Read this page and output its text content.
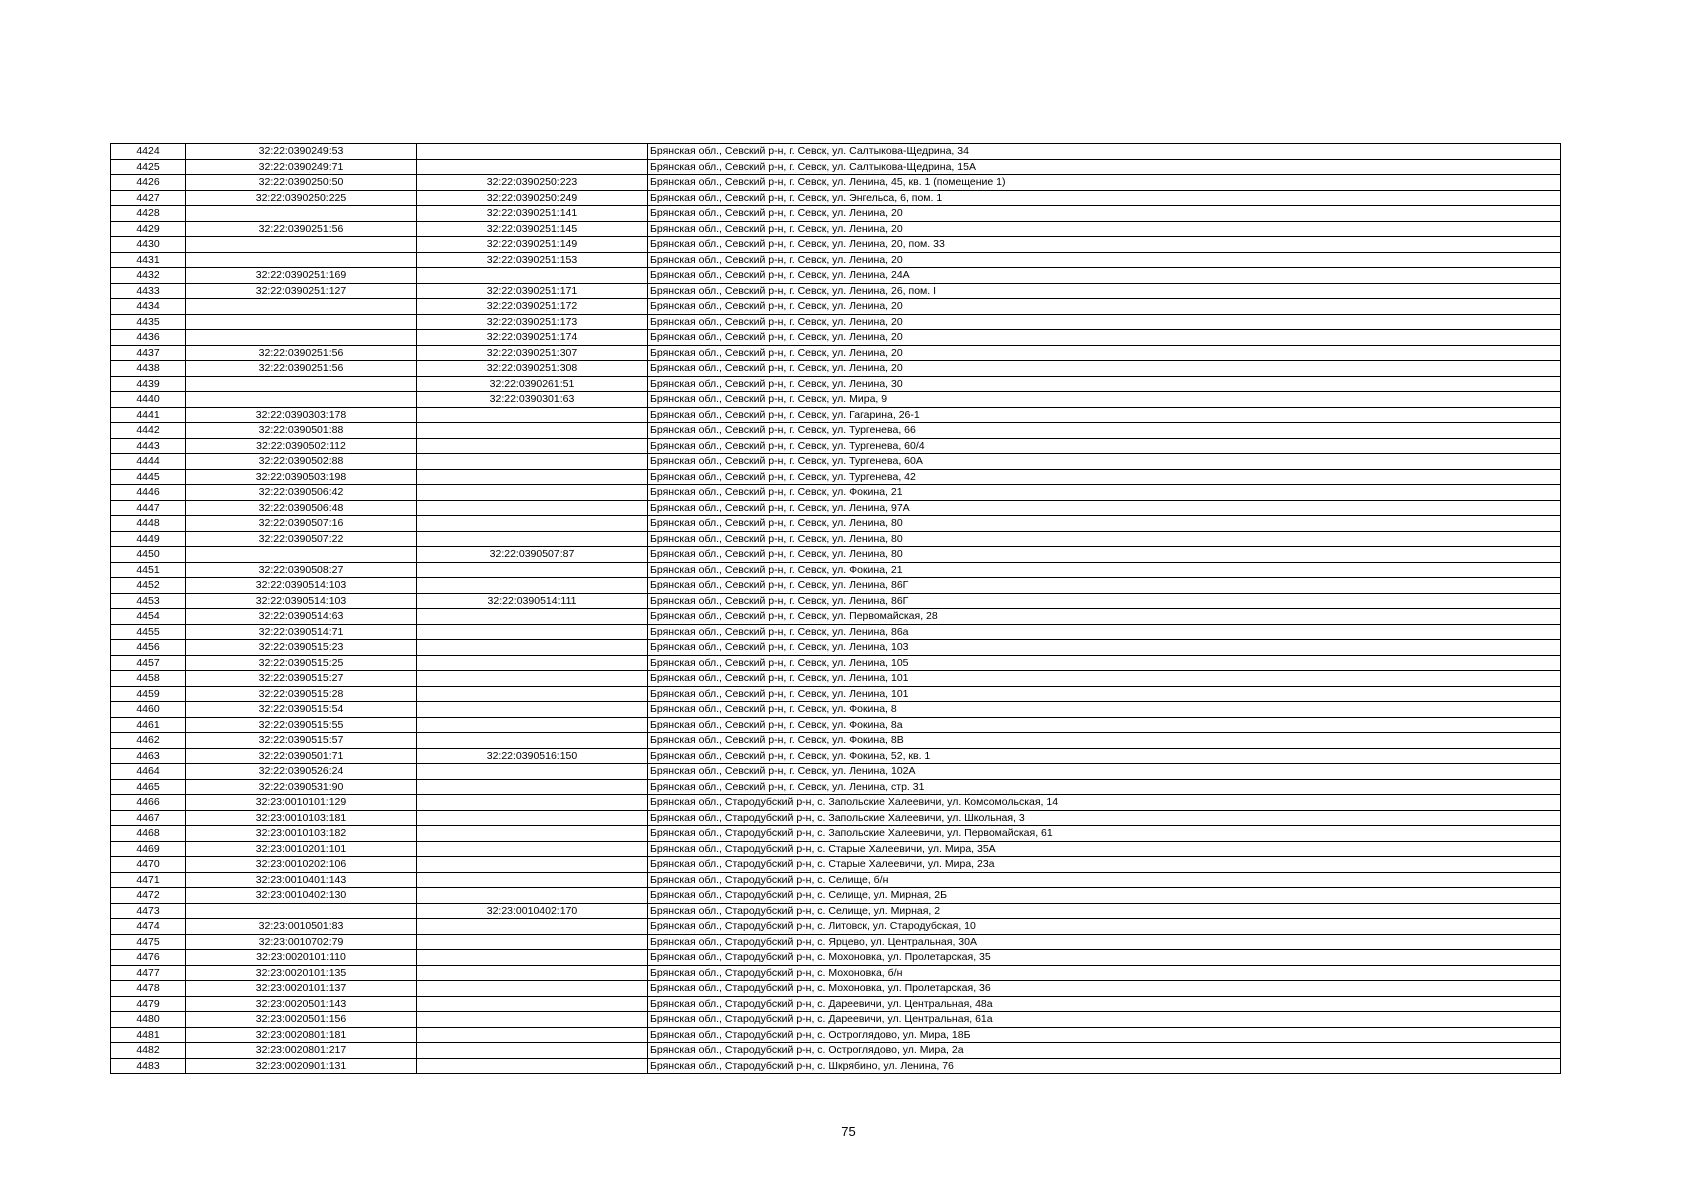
4424	32:22:0390249:53		Брянская обл., Севский р-н, г. Севск, ул. Салтыкова-Щедрина, 34
4425	32:22:0390249:71		Брянская обл., Севский р-н, г. Севск, ул. Салтыкова-Щедрина, 15А
4426	32:22:0390250:50	32:22:0390250:223	Брянская обл., Севский р-н, г. Севск, ул. Ленина, 45, кв. 1 (помещение 1)
4427	32:22:0390250:225	32:22:0390250:249	Брянская обл., Севский р-н, г. Севск, ул. Энгельса, 6, пом. 1
4428		32:22:0390251:141	Брянская обл., Севский р-н, г. Севск, ул. Ленина, 20
4429	32:22:0390251:56	32:22:0390251:145	Брянская обл., Севский р-н, г. Севск, ул. Ленина, 20
4430		32:22:0390251:149	Брянская обл., Севский р-н, г. Севск, ул. Ленина, 20, пом. 33
4431		32:22:0390251:153	Брянская обл., Севский р-н, г. Севск, ул. Ленина, 20
4432	32:22:0390251:169		Брянская обл., Севский р-н, г. Севск, ул. Ленина, 24А
4433	32:22:0390251:127	32:22:0390251:171	Брянская обл., Севский р-н, г. Севск, ул. Ленина, 26, пом. I
4434		32:22:0390251:172	Брянская обл., Севский р-н, г. Севск, ул. Ленина, 20
4435		32:22:0390251:173	Брянская обл., Севский р-н, г. Севск, ул. Ленина, 20
4436		32:22:0390251:174	Брянская обл., Севский р-н, г. Севск, ул. Ленина, 20
4437	32:22:0390251:56	32:22:0390251:307	Брянская обл., Севский р-н, г. Севск, ул. Ленина, 20
4438	32:22:0390251:56	32:22:0390251:308	Брянская обл., Севский р-н, г. Севск, ул. Ленина, 20
4439		32:22:0390261:51	Брянская обл., Севский р-н, г. Севск, ул. Ленина, 30
4440		32:22:0390301:63	Брянская обл., Севский р-н, г. Севск, ул. Мира, 9
4441	32:22:0390303:178		Брянская обл., Севский р-н, г. Севск, ул. Гагарина, 26-1
4442	32:22:0390501:88		Брянская обл., Севский р-н, г. Севск, ул. Тургенева, 66
4443	32:22:0390502:112		Брянская обл., Севский р-н, г. Севск, ул. Тургенева, 60/4
4444	32:22:0390502:88		Брянская обл., Севский р-н, г. Севск, ул. Тургенева, 60А
4445	32:22:0390503:198		Брянская обл., Севский р-н, г. Севск, ул. Тургенева, 42
4446	32:22:0390506:42		Брянская обл., Севский р-н, г. Севск, ул. Фокина, 21
4447	32:22:0390506:48		Брянская обл., Севский р-н, г. Севск, ул. Ленина, 97А
4448	32:22:0390507:16		Брянская обл., Севский р-н, г. Севск, ул. Ленина, 80
4449	32:22:0390507:22		Брянская обл., Севский р-н, г. Севск, ул. Ленина, 80
4450		32:22:0390507:87	Брянская обл., Севский р-н, г. Севск, ул. Ленина, 80
4451	32:22:0390508:27		Брянская обл., Севский р-н, г. Севск, ул. Фокина, 21
4452	32:22:0390514:103		Брянская обл., Севский р-н, г. Севск, ул. Ленина, 86Г
4453	32:22:0390514:103	32:22:0390514:111	Брянская обл., Севский р-н, г. Севск, ул. Ленина, 86Г
4454	32:22:0390514:63		Брянская обл., Севский р-н, г. Севск, ул. Первомайская, 28
4455	32:22:0390514:71		Брянская обл., Севский р-н, г. Севск, ул. Ленина, 86а
4456	32:22:0390515:23		Брянская обл., Севский р-н, г. Севск, ул. Ленина, 103
4457	32:22:0390515:25		Брянская обл., Севский р-н, г. Севск, ул. Ленина, 105
4458	32:22:0390515:27		Брянская обл., Севский р-н, г. Севск, ул. Ленина, 101
4459	32:22:0390515:28		Брянская обл., Севский р-н, г. Севск, ул. Ленина, 101
4460	32:22:0390515:54		Брянская обл., Севский р-н, г. Севск, ул. Фокина, 8
4461	32:22:0390515:55		Брянская обл., Севский р-н, г. Севск, ул. Фокина, 8а
4462	32:22:0390515:57		Брянская обл., Севский р-н, г. Севск, ул. Фокина, 8В
4463	32:22:0390501:71	32:22:0390516:150	Брянская обл., Севский р-н, г. Севск, ул. Фокина, 52, кв. 1
4464	32:22:0390526:24		Брянская обл., Севский р-н, г. Севск, ул. Ленина, 102А
4465	32:22:0390531:90		Брянская обл., Севский р-н, г. Севск, ул. Ленина, стр. 31
4466	32:23:0010101:129		Брянская обл., Стародубский р-н, с. Запольские Халеевичи, ул. Комсомольская, 14
4467	32:23:0010103:181		Брянская обл., Стародубский р-н, с. Запольские Халеевичи, ул. Школьная, 3
4468	32:23:0010103:182		Брянская обл., Стародубский р-н, с. Запольские Халеевичи, ул. Первомайская, 61
4469	32:23:0010201:101		Брянская обл., Стародубский р-н, с. Старые Халеевичи, ул. Мира, 35А
4470	32:23:0010202:106		Брянская обл., Стародубский р-н, с. Старые Халеевичи, ул. Мира, 23а
4471	32:23:0010401:143		Брянская обл., Стародубский р-н, с. Селище, б/н
4472	32:23:0010402:130		Брянская обл., Стародубский р-н, с. Селище, ул. Мирная, 2Б
4473		32:23:0010402:170	Брянская обл., Стародубский р-н, с. Селище, ул. Мирная, 2
4474	32:23:0010501:83		Брянская обл., Стародубский р-н, с. Литовск, ул. Стародубская, 10
4475	32:23:0010702:79		Брянская обл., Стародубский р-н, с. Ярцево, ул. Центральная, 30А
4476	32:23:0020101:110		Брянская обл., Стародубский р-н, с. Мохоновка, ул. Пролетарская, 35
4477	32:23:0020101:135		Брянская обл., Стародубский р-н, с. Мохоновка, б/н
4478	32:23:0020101:137		Брянская обл., Стародубский р-н, с. Мохоновка, ул. Пролетарская, 36
4479	32:23:0020501:143		Брянская обл., Стародубский р-н, с. Дареевичи, ул. Центральная, 48а
4480	32:23:0020501:156		Брянская обл., Стародубский р-н, с. Дареевичи, ул. Центральная, 61а
4481	32:23:0020801:181		Брянская обл., Стародубский р-н, с. Остроглядово, ул. Мира, 18Б
4482	32:23:0020801:217		Брянская обл., Стародубский р-н, с. Остроглядово, ул. Мира, 2а
4483	32:23:0020901:131		Брянская обл., Стародубский р-н, с. Шкрябино, ул. Ленина, 76
75
